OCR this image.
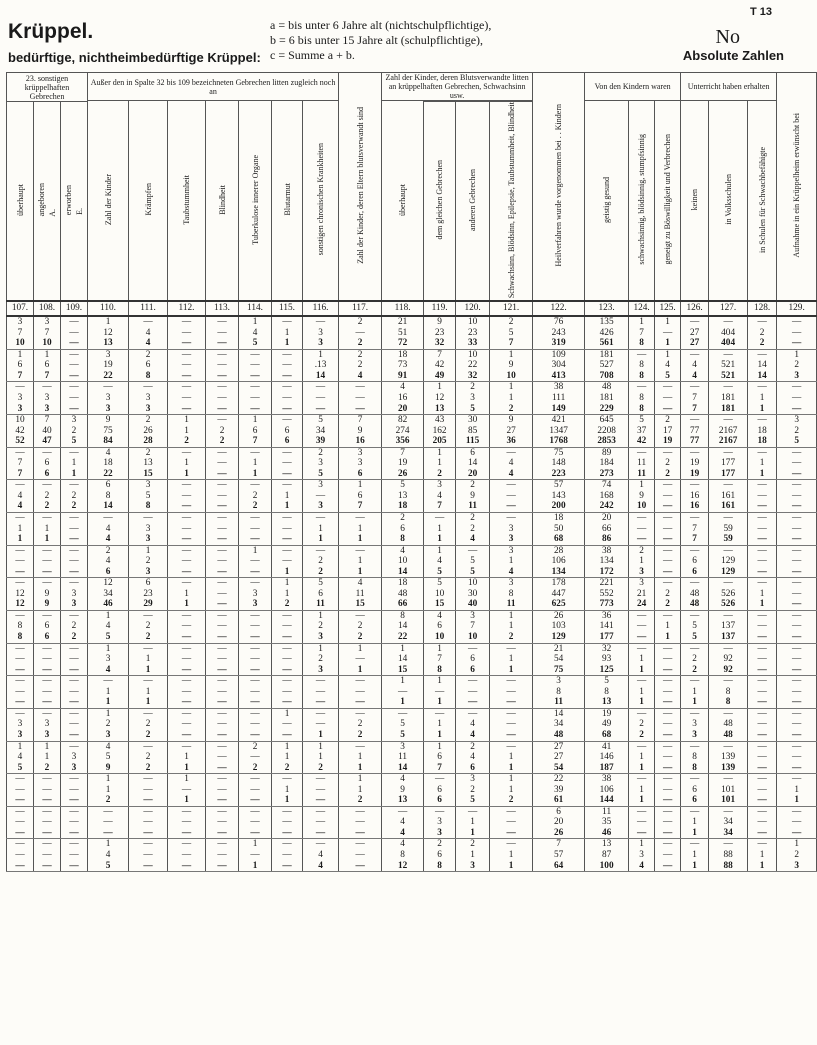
Krüppel.
bedürftige, nichtheimbedürftige Krüppel:
a = bis unter 6 Jahre alt (nichtschulpflichtige),
b = 6 bis unter 15 Jahre alt (schulpflichtige),
c = Summe a + b.
T 13
No
Absolute Zahlen
23. sonstigen krüppelhaften Gebrechen			Außer den in Spalte 32 bis 109 bezeichneten Gebrechen litten zugleich noch an							Zahl der Kinder, deren Eltern blutsverwandt sind	Zahl der Kinder, deren Blutsverwandte litten an krüppelhaften Gebrechen, Schwachsinn usw.				Heilverfahren wurde vorgenommen bei . . Kindern	Von den Kindern waren			Unterricht haben erhalten			Aufnahme in ein Krüppelheim erwünscht bei
			Zahl der Kinder	Krämpfen	Taubstummheit	Blindheit	Tuberkulose innerer Organe	Blutarmut	sonstigen chronischen Krankheiten		überhaupt					geistig gesund	schwachsinnig, blödsinnig, stumpfsinnig	geneigt zu Böswilligkeit und Verbrechen	keinen	in Volksschulen	in Schulen für Schwachbefähigte	
überhaupt	angeboren A.	erworben E.										dem gleichen Gebrechen	anderen Gebrechen	Schwachsinn, Blödsinn, Epilepsie, Taubstummheit, Blindheit								
107.	108.	109.	110.	111.	112.	113.	114.	115.	116.	117.	118.	119.	120.	121.	122.	123.	124.	125.	126.	127.	128.	129.
3	3	—	1	—	—	—	1	—	—	2	21	9	10	2	76	135	1	1	—	—	—	—
7	7	—	12	4	—	—	4	1	3	—	51	23	23	5	243	426	7	—	27	404	2	—
10	10	—	13	4	—	—	5	1	3	2	72	32	33	7	319	561	8	1	27	404	2	—
1	1	—	3	2	—	—	—	—	1	2	18	7	10	1	109	181	—	1	—	—	—	1
6	6	—	19	6	—	—	—	—	.13	2	73	42	22	9	304	527	8	4	4	521	14	2
7	7	—	22	8	—	—	—	—	14	4	91	49	32	10	413	708	8	5	4	521	14	3
—	—	—	—	—	—	—	—	—	—	—	4	1	2	1	38	48	—	—	—	—	—	—
3	3	—	3	3	—	—	—	—	—	—	16	12	3	1	111	181	8	—	7	181	1	—
3	3	—	3	3	—	—	—	—	—	—	20	13	5	2	149	229	8	—	7	181	1	—
10	7	3	9	2	1	—	1	—	5	7	82	43	30	9	421	645	5	2	—	—	—	3
42	40	2	75	26	1	2	6	6	34	9	274	162	85	27	1347	2208	37	17	77	2167	18	2
52	47	5	84	28	2	2	7	6	39	16	356	205	115	36	1768	2853	42	19	77	2167	18	5
—	—	—	4	2	—	—	—	—	2	3	7	1	6	—	75	89	—	—	—	—	—	—
7	6	1	18	13	1	—	1	—	3	3	19	1	14	4	148	184	11	2	19	177	1	—
7	6	1	22	15	1	—	1	—	5	6	26	2	20	4	223	273	11	2	19	177	1	—
—	—	—	6	3	—	—	—	—	3	1	5	3	2	—	57	74	1	—	—	—	—	—
4	2	2	8	5	—	—	2	1	—	6	13	4	9	—	143	168	9	—	16	161	—	—
4	2	2	14	8	—	—	2	1	3	7	18	7	11	—	200	242	10	—	16	161	—	—
—	—	—	—	—	—	—	—	—	—	—	2	—	2	—	18	20	—	—	—	—	—	—
1	1	—	4	3	—	—	—	—	1	1	6	1	2	3	50	66	—	—	7	59	—	—
1	1	—	4	3	—	—	—	—	1	1	8	1	4	3	68	86	—	—	7	59	—	—
—	—	—	2	1	—	—	1	—	—	—	4	1	—	3	28	38	2	—	—	—	—	—
—	—	—	4	2	—	—	—	—	2	1	10	4	5	1	106	134	1	—	6	129	—	—
—	—	—	6	3	—	—	—	1	2	1	14	5	5	4	134	172	3	—	6	129	—	—
—	—	—	12	6	—	—	—	1	5	4	18	5	10	3	178	221	3	—	—	—	—	—
12	9	3	34	23	1	—	3	1	6	11	48	10	30	8	447	552	21	2	48	526	1	—
12	9	3	46	29	1	—	3	2	11	15	66	15	40	11	625	773	24	2	48	526	1	—
—	—	—	1	—	—	—	—	—	1	—	8	4	3	1	26	36	—	—	—	—	—	—
8	6	2	4	2	—	—	—	—	2	2	14	6	7	1	103	141	—	1	5	137	—	—
8	6	2	5	2	—	—	—	—	3	2	22	10	10	2	129	177	—	1	5	137	—	—
—	—	—	1	—	—	—	—	—	1	1	1	1	—	—	21	32	—	—	—	—	—	—
—	—	—	3	1	—	—	—	—	2	—	14	7	6	1	54	93	1	—	2	92	—	—
—	—	—	4	1	—	—	—	—	3	1	15	8	6	1	75	125	1	—	2	92	—	—
—	—	—	—	—	—	—	—	—	—	—	1	1	—	—	3	5	—	—	—	—	—	—
—	—	—	1	1	—	—	—	—	—	—	—	—	—	—	8	8	1	—	1	8	—	—
—	—	—	1	1	—	—	—	—	—	—	1	1	—	—	11	13	1	—	1	8	—	—
—	—	—	1	—	—	—	—	1	—	—	—	—	—	—	14	19	—	—	—	—	—	—
3	3	—	2	2	—	—	—	—	—	2	5	1	4	—	34	49	2	—	3	48	—	—
3	3	—	3	2	—	—	—	—	1	2	5	1	4	—	48	68	2	—	3	48	—	—
1	1	—	4	—	—	—	2	1	1	—	3	1	2	—	27	41	—	—	—	—	—	—
4	1	3	5	2	1	—	—	1	1	1	11	6	4	1	27	146	1	—	8	139	—	—
5	2	3	9	2	1	—	2	2	2	1	14	7	6	1	54	187	1	—	8	139	—	—
—	—	—	1	—	1	—	—	—	—	1	4	—	3	1	22	38	—	—	—	—	—	—
—	—	—	1	—	—	—	—	1	—	1	9	6	2	1	39	106	1	—	6	101	—	1
—	—	—	2	—	1	—	—	1	—	2	13	6	5	2	61	144	1	—	6	101	—	1
—	—	—	—	—	—	—	—	—	—	—	—	—	—	—	6	11	—	—	—	—	—	—
—	—	—	—	—	—	—	—	—	—	—	4	3	1	—	20	35	—	—	1	34	—	—
—	—	—	—	—	—	—	—	—	—	—	4	3	1	—	26	46	—	—	1	34	—	—
—	—	—	1	—	—	—	1	—	—	—	4	2	2	—	7	13	1	—	—	—	—	1
—	—	—	4	—	—	—	—	—	4	—	8	6	1	1	57	87	3	—	1	88	1	2
—	—	—	5	—	—	—	1	—	4	—	12	8	3	1	64	100	4	—	1	88	1	3
